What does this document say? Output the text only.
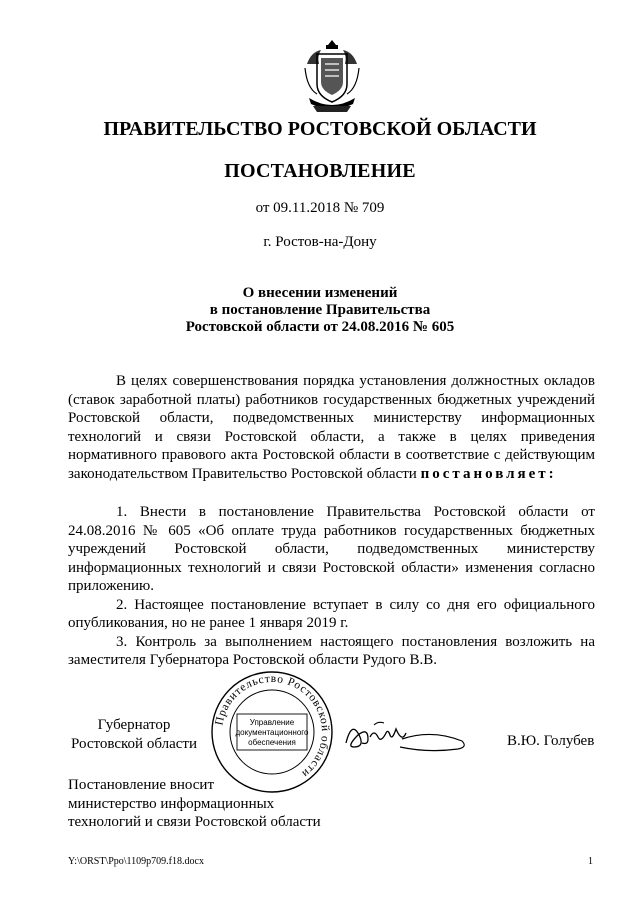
ПРАВИТЕЛЬСТВО РОСТОВСКОЙ ОБЛАСТИ
ПОСТАНОВЛЕНИЕ
от 09.11.2018 № 709
г. Ростов-на-Дону
О внесении изменений
в постановление Правительства
Ростовской области от 24.08.2016 № 605

В целях совершенствования порядка установления должностных окладов (ставок заработной платы) работников государственных бюджетных учреждений Ростовской области, подведомственных министерству информационных технологий и связи Ростовской области, а также в целях приведения нормативного правового акта Ростовской области в соответствие с действующим законодательством Правительство Ростовской области постановляет:

1. Внести в постановление Правительства Ростовской области от 24.08.2016 № 605 «Об оплате труда работников государственных бюджетных учреждений Ростовской области, подведомственных министерству информационных технологий и связи Ростовской области» изменения согласно приложению.

2. Настоящее постановление вступает в силу со дня его официального опубликования, но не ранее 1 января 2019 г.

3. Контроль за выполнением настоящего постановления возложить на заместителя Губернатора Ростовской области Рудого В.В.

Губернатор
Ростовской области
Правительство Ростовской области
Управление
документационного
обеспечения	В.Ю. Голубев
Постановление вносит
министерство информационных
технологий и связи Ростовской области
Y:\ORST\Ppo\1109p709.f18.docx	1
